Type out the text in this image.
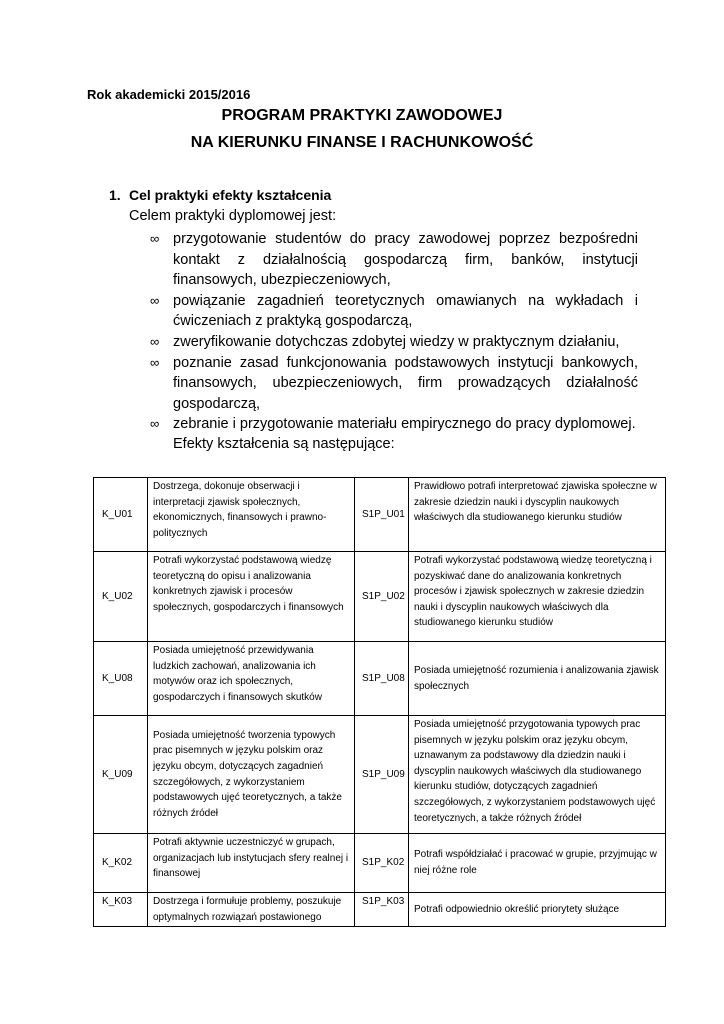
Rok akademicki 2015/2016
PROGRAM PRAKTYKI ZAWODOWEJ
NA KIERUNKU FINANSE I RACHUNKOWOŚĆ
1. Cel praktyki efekty kształcenia
Celem praktyki dyplomowej jest:
∞ przygotowanie studentów do pracy zawodowej poprzez bezpośredni kontakt z działalnością gospodarczą firm, banków, instytucji finansowych, ubezpieczeniowych,
∞ powiązanie zagadnień teoretycznych omawianych na wykładach i ćwiczeniach z praktyką gospodarczą,
∞ zweryfikowanie dotychczas zdobytej wiedzy w praktycznym działaniu,
∞ poznanie zasad funkcjonowania podstawowych instytucji bankowych, finansowych, ubezpieczeniowych, firm prowadzących działalność gospodarczą,
∞ zebranie i przygotowanie materiału empirycznego do pracy dyplomowej.
Efekty kształcenia są następujące:
K_U01	Dostrzega, dokonuje obserwacji i interpretacji zjawisk społecznych, ekonomicznych, finansowych i prawno-politycznych	S1P_U01	Prawidłowo potrafi interpretować zjawiska społeczne w zakresie dziedzin nauki i dyscyplin naukowych właściwych dla studiowanego kierunku studiów
K_U02	Potrafi wykorzystać podstawową wiedzę teoretyczną do opisu i analizowania konkretnych zjawisk i procesów społecznych, gospodarczych i finansowych	S1P_U02	Potrafi wykorzystać podstawową wiedzę teoretyczną i pozyskiwać dane do analizowania konkretnych procesów i zjawisk społecznych w zakresie dziedzin nauki i dyscyplin naukowych właściwych dla studiowanego kierunku studiów
K_U08	Posiada umiejętność przewidywania ludzkich zachowań, analizowania ich motywów oraz ich społecznych, gospodarczych i finansowych skutków	S1P_U08	Posiada umiejętność rozumienia i analizowania zjawisk społecznych
K_U09	Posiada umiejętność tworzenia typowych prac pisemnych w języku polskim oraz języku obcym, dotyczących zagadnień szczegółowych, z wykorzystaniem podstawowych ujęć teoretycznych, a także różnych źródeł	S1P_U09	Posiada umiejętność przygotowania typowych prac pisemnych w języku polskim oraz języku obcym, uznawanym za podstawowy dla dziedzin nauki i dyscyplin naukowych właściwych dla studiowanego kierunku studiów, dotyczących zagadnień szczegółowych, z wykorzystaniem podstawowych ujęć teoretycznych, a także różnych źródeł
K_K02	Potrafi aktywnie uczestniczyć w grupach, organizacjach lub instytucjach sfery realnej i finansowej	S1P_K02	Potrafi współdziałać i pracować w grupie, przyjmując w niej różne role
K_K03	Dostrzega i formułuje problemy, poszukuje optymalnych rozwiązań postawionego	S1P_K03	Potrafi odpowiednio określić priorytety służące
